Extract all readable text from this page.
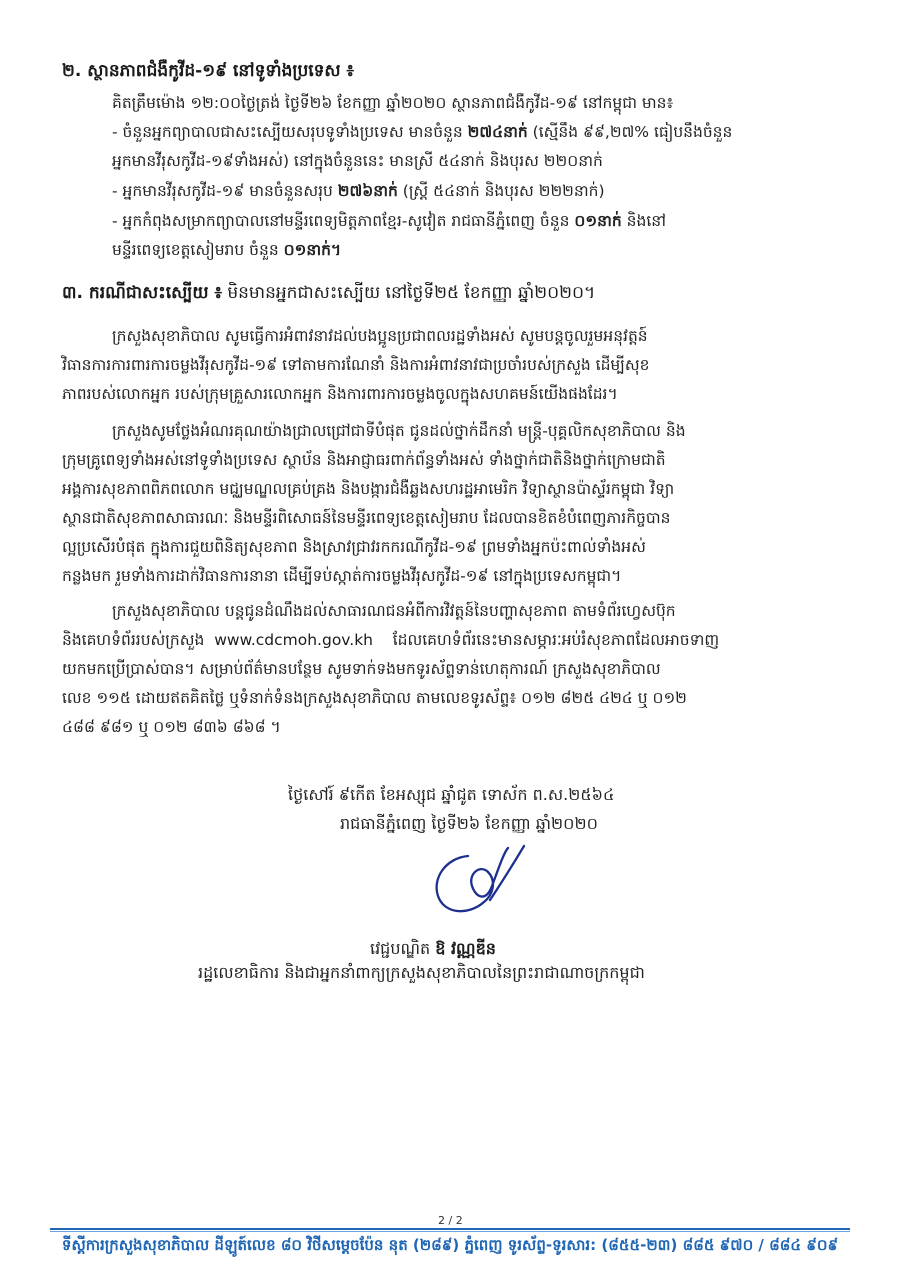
២. ស្ថានភាពជំងឺកូវីដ-១៩ នៅទូទាំងប្រទេស ៖
គិតត្រឹមម៉ោង ១២:០០ថ្ងៃត្រង់ ថ្ងៃទី២៦ ខែកញ្ញា ឆ្នាំ២០២០ ស្ថានភាពជំងឺកូវីដ-១៩ នៅកម្ពុជា មាន៖
- ចំនួនអ្នកព្យាបាលជាសះស្បើយសរុបទូទាំងប្រទេស មានចំនួន ២៧៤នាក់ (ស្មើនឹង ៩៩,២៧% ធៀបនឹងចំនួន
អ្នកមានវីរុសកូវីដ-១៩ទាំងអស់) នៅក្នុងចំនួននេះ មានស្រី ៥៤នាក់ និងបុរស ២២០នាក់
- អ្នកមានវីរុសកូវីដ-១៩ មានចំនួនសរុប ២៧៦នាក់ (ស្ត្រី ៥៤នាក់ និងបុរស ២២២នាក់)
- អ្នកកំពុងសម្រាកព្យាបាលនៅមន្ទីរពេទ្យមិត្តភាពខ្មែរ-សូវៀត រាជធានីភ្នំពេញ ចំនួន ០១នាក់ និងនៅ
មន្ទីរពេទ្យខេត្តសៀមរាប ចំនួន ០១នាក់។
៣. ករណីជាសះស្បើយ ៖ មិនមានអ្នកជាសះស្បើយ នៅថ្ងៃទី២៥ ខែកញ្ញា ឆ្នាំ២០២០។
ក្រសួងសុខាភិបាល សូមធ្វើការអំពាវនាវដល់បងប្អូនប្រជាពលរដ្ឋទាំងអស់ សូមបន្តចូលរួមអនុវត្តន៍
វិធានការការពារការចម្លងវីរុសកូវីដ-១៩ ទៅតាមការណែនាំ និងការអំពាវនាវជាប្រចាំរបស់ក្រសួង ដើម្បីសុខ
ភាពរបស់លោកអ្នក របស់ក្រុមគ្រួសារលោកអ្នក និងការពារការចម្លងចូលក្នុងសហគមន៍យើងផងដែរ។
ក្រសួងសូមថ្លែងអំណរគុណយ៉ាងជ្រាលជ្រៅជាទីបំផុត ជូនដល់ថ្នាក់ដឹកនាំ មន្ត្រី-បុគ្គលិកសុខាភិបាល និង
ក្រុមគ្រូពេទ្យទាំងអស់នៅទូទាំងប្រទេស ស្ថាប័ន និងអាជ្ញាធរពាក់ព័ន្ធទាំងអស់ ទាំងថ្នាក់ជាតិនិងថ្នាក់ក្រោមជាតិ
អង្គការសុខភាពពិភពលោក មជ្ឈមណ្ឌលគ្រប់គ្រង និងបង្ការជំងឺឆ្លងសហរដ្ឋអាមេរិក វិទ្យាស្ថានប៉ាស្ទ័រកម្ពុជា វិទ្យា
ស្ថានជាតិសុខភាពសាធារណៈ និងមន្ទីរពិសោធន៍នៃមន្ទីរពេទ្យខេត្តសៀមរាប ដែលបានខិតខំបំពេញភារកិច្ចបាន
ល្អប្រសើរបំផុត ក្នុងការជួយពិនិត្យសុខភាព និងស្រាវជ្រាវរកករណីកូវីដ-១៩ ព្រមទាំងអ្នកប៉ះពាល់ទាំងអស់
កន្លងមក រួមទាំងការដាក់វិធានការនានា ដើម្បីទប់ស្កាត់ការចម្លងវីរុសកូវីដ-១៩ នៅក្នុងប្រទេសកម្ពុជា។
ក្រសួងសុខាភិបាល បន្តជូនដំណឹងដល់សាធារណជនអំពីការវិវត្តន៍នៃបញ្ហាសុខភាព តាមទំព័រហ្វេសប៊ុក
និងគេហទំព័ររបស់ក្រសួង www.cdcmoh.gov.kh ដែលគេហទំព័រនេះមានសម្ភារៈអប់រំសុខភាពដែលអាចទាញ
យកមកប្រើប្រាស់បាន។ សម្រាប់ព័ត៌មានបន្ថែម សូមទាក់ទងមកទូរស័ព្ទទាន់ហេតុការណ៍ ក្រសួងសុខាភិបាល
លេខ ១១៥ ដោយឥតគិតថ្លៃ ឬទំនាក់ទំនងក្រសួងសុខាភិបាល តាមលេខទូរស័ព្ទ៖ ០១២ ៨២៥ ៤២៤ ឬ ០១២
៤៨៨ ៩៨១ ឬ ០១២ ៨៣៦ ៨៦៨ ។
ថ្ងៃសៅរ៍ ៩កើត ខែអស្សុជ ឆ្នាំជូត ទោស័ក ព.ស.២៥៦៤
រាជធានីភ្នំពេញ ថ្ងៃទី២៦ ខែកញ្ញា ឆ្នាំ២០២០
វេជ្ជបណ្ឌិត ឱ វណ្ណឌីន
រដ្ឋលេខាធិការ និងជាអ្នកនាំពាក្យក្រសួងសុខាភិបាលនៃព្រះរាជាណាចក្រកម្ពុជា
2 / 2
ទីស្តីការក្រសួងសុខាភិបាល ដីឡូត៍លេខ ៨០ វិថីសម្តេចប៉ែន នុត (២៨៩) ភ្នំពេញ ទូរស័ព្ទ-ទូរសារ: (៨៥៥-២៣) ៨៨៥ ៩៧០ / ៨៨៤ ៩០៩
